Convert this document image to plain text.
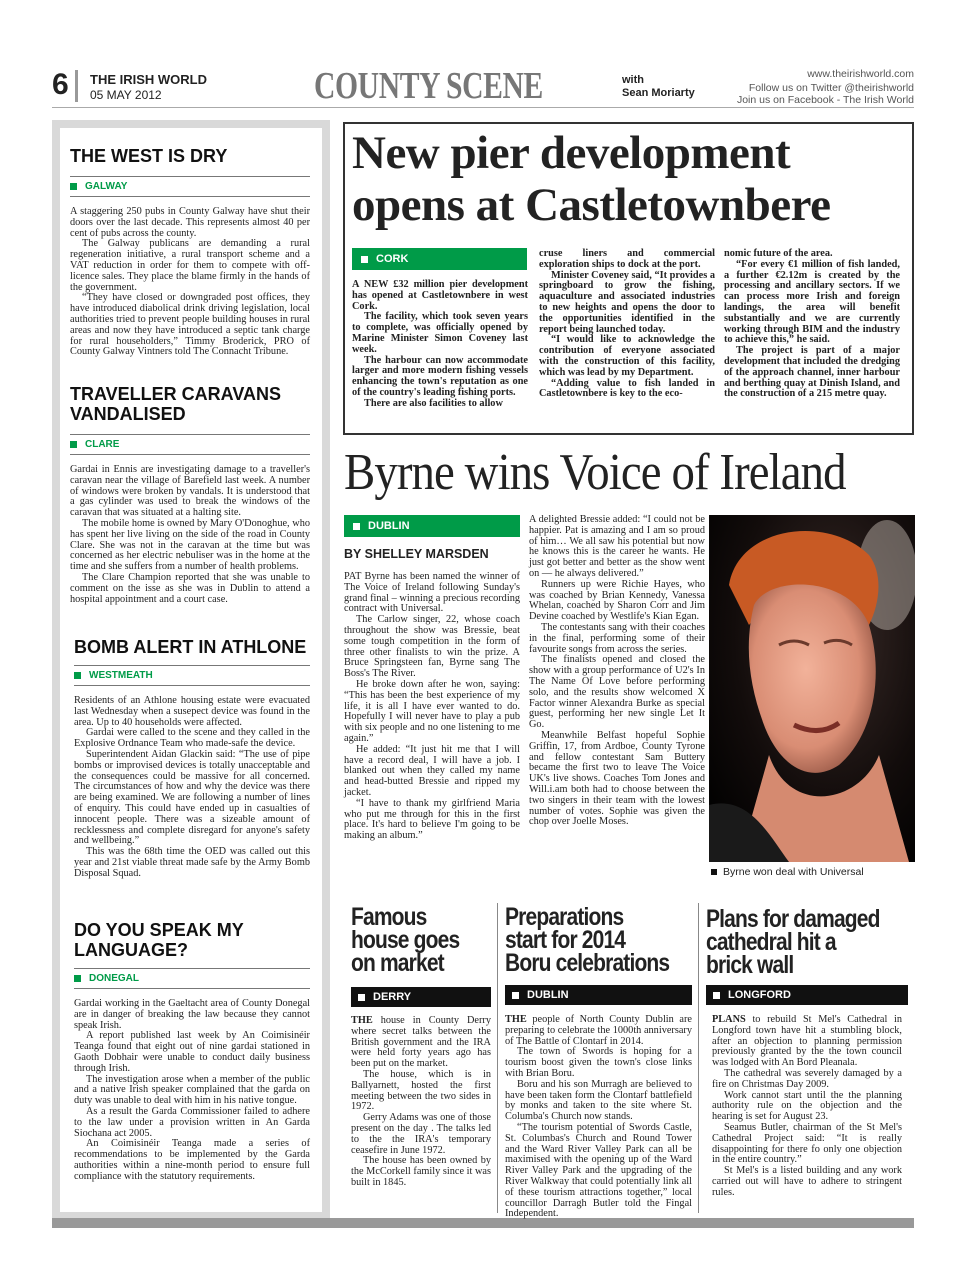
6 THE IRISH WORLD
05 MAY 2012	COUNTY SCENE	with
Sean Moriarty
www.theirishworld.com
Follow us on Twitter @theirishworld
Join us on Facebook - The Irish World
THE WEST IS DRY
GALWAY

A staggering 250 pubs in County Galway have shut their doors over the last decade. This represents almost 40 per cent of pubs across the county.

The Galway publicans are demanding a rural regeneration initiative, a rural transport scheme and a VAT reduction in order for them to compete with off-licence sales. They place the blame firmly in the hands of the government.

“They have closed or downgraded post offices, they have introduced diabolical drink driving legislation, local authorities tried to prevent people building houses in rural areas and now they have introduced a septic tank charge for rural householders,” Timmy Broderick, PRO of County Galway Vintners told The Connacht Tribune.

TRAVELLER CARAVANS VANDALISED
CLARE

Gardai in Ennis are investigating damage to a traveller's caravan near the village of Barefield last week. A number of windows were broken by vandals. It is understood that a gas cylinder was used to break the windows of the caravan that was situated at a halting site.

The mobile home is owned by Mary O'Donoghue, who has spent her live living on the side of the road in County Clare. She was not in the caravan at the time but was concerned as her electric nebuliser was in the home at the time and she suffers from a number of health problems.

The Clare Champion reported that she was unable to comment on the isse as she was in Dublin to attend a hospital appointment and a court case.

BOMB ALERT IN ATHLONE
WESTMEATH

Residents of an Athlone housing estate were evacuated last Wednesday when a susepect device was found in the area. Up to 40 households were affected.

Gardai were called to the scene and they called in the Explosive Ordnance Team who made-safe the device.

Superintendent Aidan Glackin said: “The use of pipe bombs or improvised devices is totally unacceptable and the consequences could be massive for all concerned. The circumstances of how and why the device was there are being examined. We are following a number of lines of enquiry. This could have ended up in casualties of innocent people. There was a sizeable amount of recklessness and complete disregard for anyone's safety and wellbeing.”

This was the 68th time the OED was called out this year and 21st viable threat made safe by the Army Bomb Disposal Squad.

DO YOU SPEAK MY LANGUAGE?
DONEGAL

Gardai working in the Gaeltacht area of County Donegal are in danger of breaking the law because they cannot speak Irish.

A report published last week by An Coimisinéir Teanga found that eight out of nine gardai stationed in Gaoth Dobhair were unable to conduct daily business through Irish.

The investigation arose when a member of the public and a native Irish speaker complained that the garda on duty was unable to deal with him in his native tongue.

As a result the Garda Commissioner failed to adhere to the law under a provision written in An Garda Siochana act 2005.

An Coimisinéir Teanga made a series of recommendations to be implemented by the Garda authorities within a nine-month period to ensure full compliance with the statutory requirements.

New pier development
opens at Castletownbere
CORK

A NEW £32 million pier development has opened at Castletownbere in west Cork.

The facility, which took seven years to complete, was officially opened by Marine Minister Simon Coveney last week.

The harbour can now accommodate larger and more modern fishing vessels enhancing the town's reputation as one of the country's leading fishing ports.

There are also facilities to allow

cruse liners and commercial exploration ships to dock at the port.

Minister Coveney said, “It provides a springboard to grow the fishing, aquaculture and associated industries to new heights and opens the door to the opportunities identified in the report being launched today.

“I would like to acknowledge the contribution of everyone associated with the construction of this facility, which was lead by my Department.

“Adding value to fish landed in Castletownbere is key to the eco-

nomic future of the area.

“For every €1 million of fish landed, a further €2.12m is created by the processing and ancillary sectors. If we can process more Irish and foreign landings, the area will benefit substantially and we are currently working through BIM and the industry to achieve this,” he said.

The project is part of a major development that included the dredging of the approach channel, inner harbour and berthing quay at Dinish Island, and the construction of a 215 metre quay.

Byrne wins Voice of Ireland
DUBLIN
BY SHELLEY MARSDEN

PAT Byrne has been named the winner of The Voice of Ireland following Sunday's grand final – winning a precious recording contract with Universal.

The Carlow singer, 22, whose coach throughout the show was Bressie, beat some tough competition in the form of three other finalists to win the prize. A Bruce Springsteen fan, Byrne sang The Boss's The River.

He broke down after he won, saying: “This has been the best experience of my life, it is all I have ever wanted to do. Hopefully I will never have to play a pub with six people and no one listening to me again.”

He added: “It just hit me that I will have a record deal, I will have a job. I blanked out when they called my name and head-butted Bressie and ripped my jacket.

“I have to thank my girlfriend Maria who put me through for this in the first place. It's hard to believe I'm going to be making an album.”

A delighted Bressie added: “I could not be happier. Pat is amazing and I am so proud of him… We all saw his potential but now he knows this is the career he wants. He just got better and better as the show went on — he always delivered.”

Runners up were Richie Hayes, who was coached by Brian Kennedy, Vanessa Whelan, coached by Sharon Corr and Jim Devine coached by Westlife's Kian Egan.

The contestants sang with their coaches in the final, performing some of their favourite songs from across the series.

The finalists opened and closed the show with a group performance of U2's In The Name Of Love before performing solo, and the results show welcomed X Factor winner Alexandra Burke as special guest, performing her new single Let It Go.

Meanwhile Belfast hopeful Sophie Griffin, 17, from Ardboe, County Tyrone and fellow contestant Sam Buttery became the first two to leave The Voice UK's live shows. Coaches Tom Jones and Will.i.am both had to choose between the two singers in their team with the lowest number of votes. Sophie was given the chop over Joelle Moses.

Byrne won deal with Universal
Famous
house goes
on market
DERRY

THE house in County Derry where secret talks between the British government and the IRA were held forty years ago has been put on the market.

The house, which is in Ballyarnett, hosted the first meeting between the two sides in 1972.

Gerry Adams was one of those present on the day . The talks led to the the IRA's temporary ceasefire in June 1972.

The house has been owned by the McCorkell family since it was built in 1845.

Preparations
start for 2014
Boru celebrations
DUBLIN

THE people of North County Dublin are preparing to celebrate the 1000th anniversary of The Battle of Clontarf in 2014.

The town of Swords is hoping for a tourism boost given the town's close links with Brian Boru.

Boru and his son Murragh are believed to have been taken form the Clontarf battlefield by monks and taken to the site where St. Columba's Church now stands.

“The tourism potential of Swords Castle, St. Columbas's Church and Round Tower and the Ward River Valley Park can all be maximised with the opening up of the Ward River Valley Park and the upgrading of the River Walkway that could potentially link all of these tourism attractions together,” local councillor Darragh Butler told the Fingal Independent.

Plans for damaged
cathedral hit a
brick wall
LONGFORD

PLANS to rebuild St Mel's Cathedral in Longford town have hit a stumbling block, after an objection to planning permission previously granted by the the town council was lodged with An Bord Pleanala.

The cathedral was severely damaged by a fire on Christmas Day 2009.

Work cannot start until the the planning authority rule on the objection and the hearing is set for August 23.

Seamus Butler, chairman of the St Mel's Cathedral Project said: “It is really disappointing for there fo only one objection in the entire country.”

St Mel's is a listed building and any work carried out will have to adhere to stringent rules.
